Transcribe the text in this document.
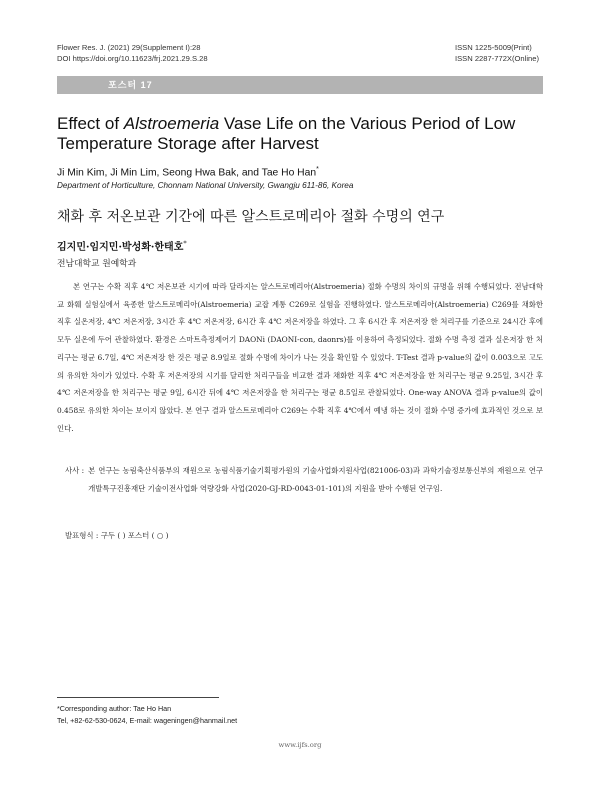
Flower Res. J. (2021) 29(Supplement I):28
DOI https://doi.org/10.11623/frj.2021.29.S.28
ISSN 1225-5009(Print)
ISSN 2287-772X(Online)
포스터 17
Effect of Alstroemeria Vase Life on the Various Period of Low Temperature Storage after Harvest
Ji Min Kim, Ji Min Lim, Seong Hwa Bak, and Tae Ho Han*
Department of Horticulture, Chonnam National University, Gwangju 611-86, Korea
채화 후 저온보관 기간에 따른 알스트로메리아 절화 수명의 연구
김지민·임지민·박성화·한태호*
전남대학교 원예학과

본 연구는 수확 직후 4℃ 저온보관 시기에 따라 달라지는 알스트로메리아(Alstroemeria) 절화 수명의 차이의 규명을 위해 수행되었다. 전남대학교 화훼 실험실에서 육종한 알스트로메리아(Alstroemeria) 교잡 계통 C269로 실험을 진행하였다. 알스트로메리아(Alstroemeria) C269를 채화한 직후 실온저장, 4℃ 저온저장, 3시간 후 4℃ 저온저장, 6시간 후 4℃ 저온저장을 하였다. 그 후 6시간 후 저온저장 한 처리구를 기준으로 24시간 후에 모두 실온에 두어 관찰하였다. 환경은 스마트측정제어기 DAONi (DAONI-con, daonrs)를 이용하여 측정되었다. 절화 수명 측정 결과 실온저장 한 처리구는 평균 6.7일, 4℃ 저온저장 한 것은 평균 8.9일로 절화 수명에 차이가 나는 것을 확인할 수 있었다. T-Test 결과 p-value의 값이 0.003으로 고도의 유의한 차이가 있었다. 수확 후 저온저장의 시기를 달리한 처리구들을 비교한 결과 채화한 직후 4℃ 저온저장을 한 처리구는 평균 9.25일, 3시간 후 4℃ 저온저장을 한 처리구는 평균 9일, 6시간 뒤에 4℃ 저온저장을 한 처리구는 평균 8.5일로 관찰되었다. One-way ANOVA 결과 p-value의 값이 0.458로 유의한 차이는 보이지 않았다. 본 연구 결과 알스트로메리아 C269는 수확 직후 4℃에서 예냉 하는 것이 절화 수명 증가에 효과적인 것으로 보인다.

사사 : 본 연구는 농림축산식품부의 재원으로 농림식품기술기획평가원의 기술사업화지원사업(821006-03)과 과학기술정보통신부의 재원으로 연구개발특구진흥재단 기술이전사업화 역량강화 사업(2020-GJ-RD-0043-01-101)의 지원을 받아 수행된 연구임.
발표형식 : 구두 ( ) 포스터 ( ○ )
*Corresponding author: Tae Ho Han
Tel, +82-62-530-0624, E-mail: wageningen@hanmail.net
www.ijfs.org
